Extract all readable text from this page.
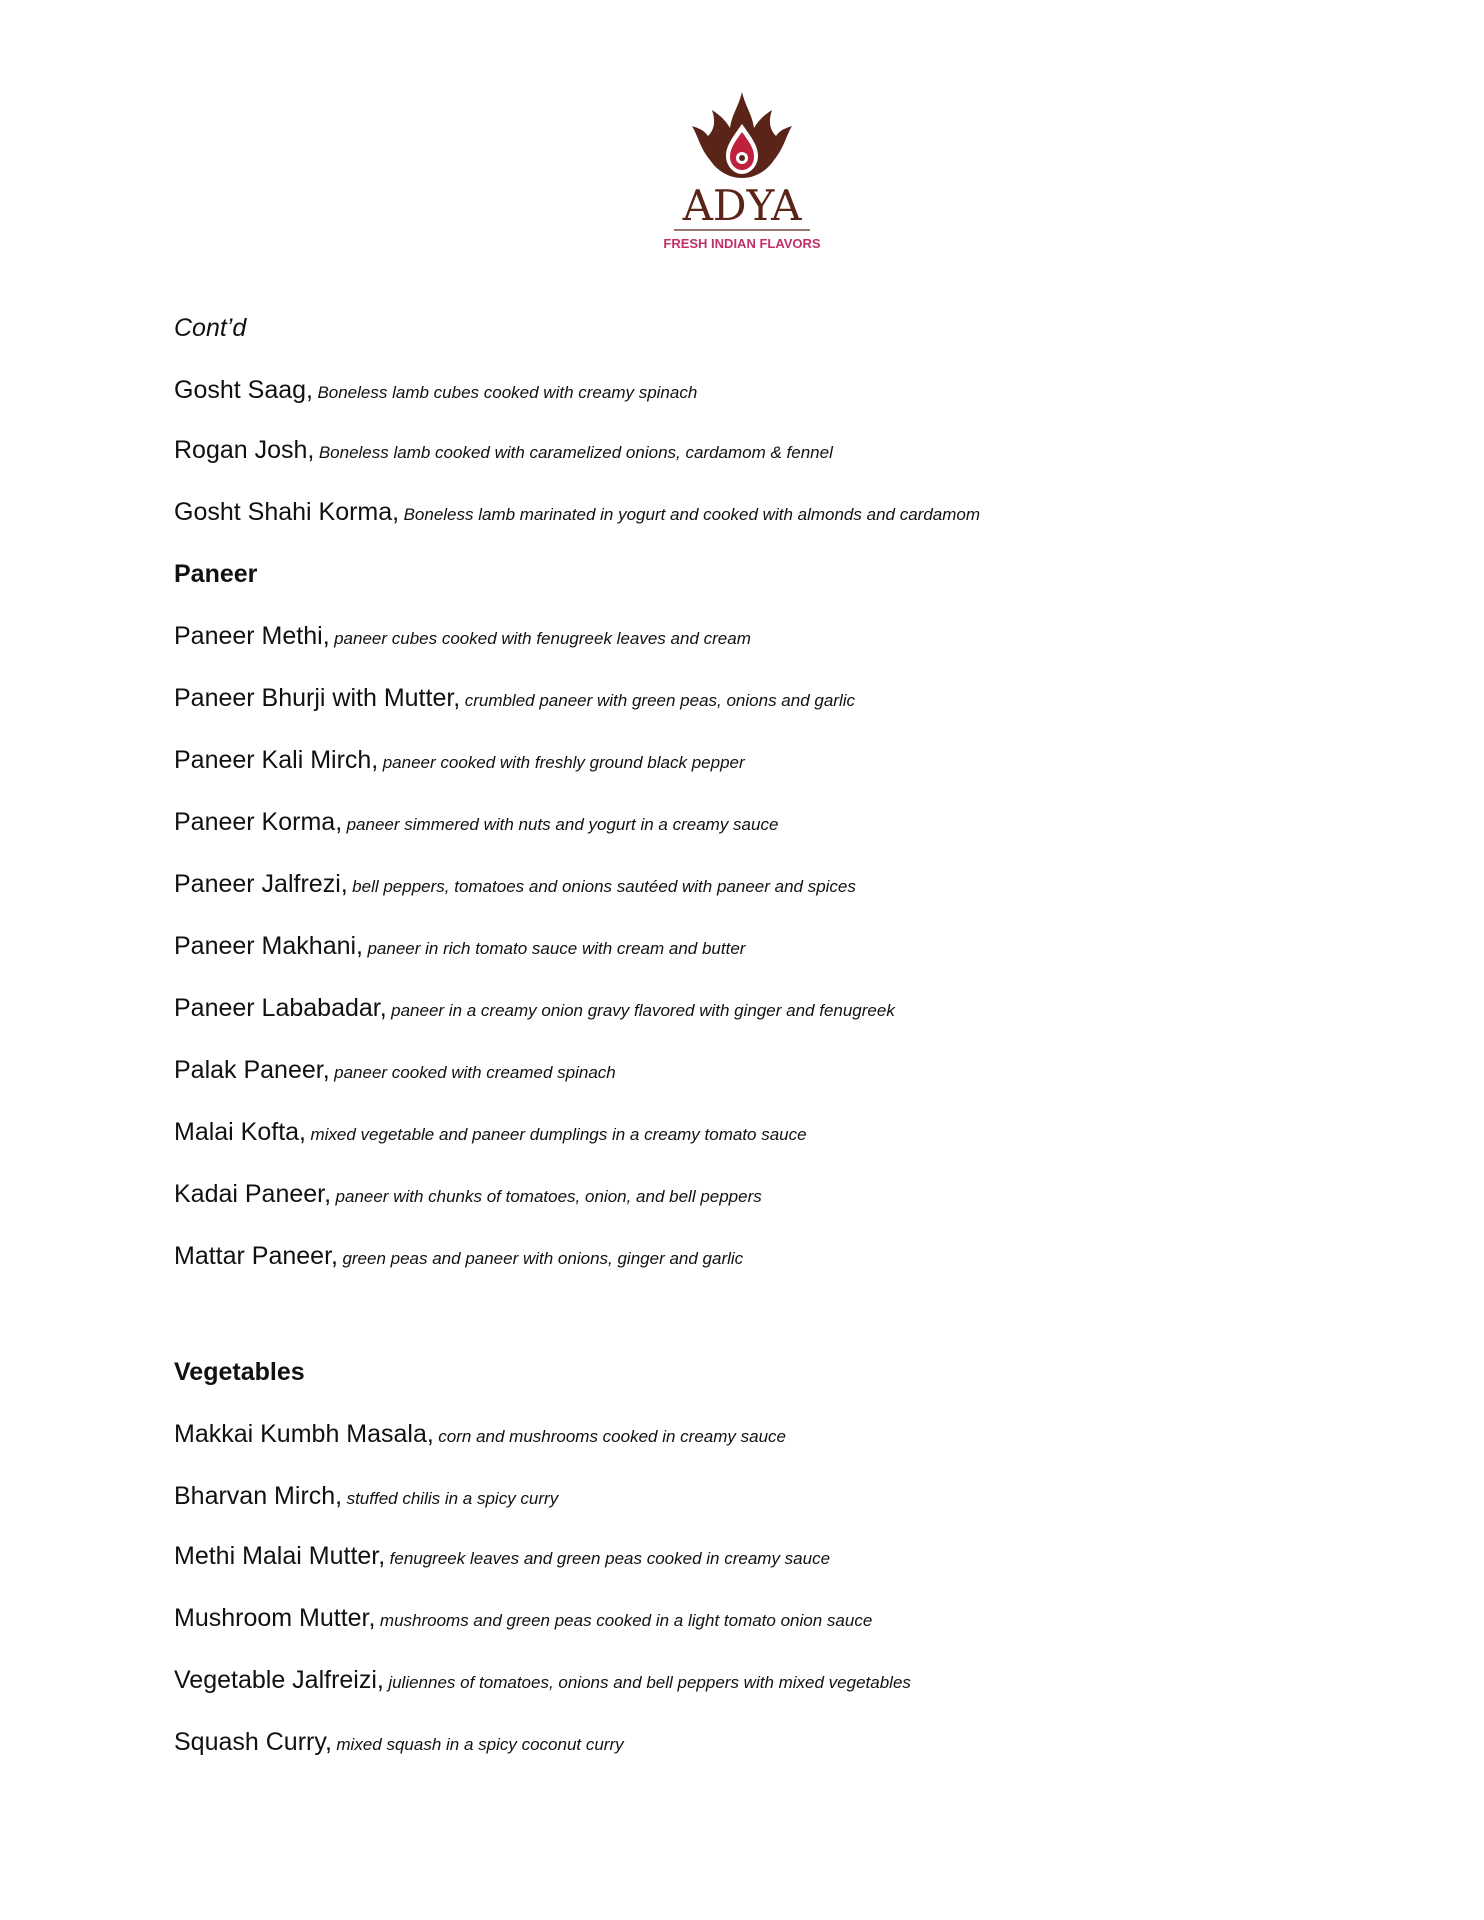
ADYA
FRESH INDIAN FLAVORS
Cont’d
Gosht Saag, Boneless lamb cubes cooked with creamy spinach
Rogan Josh, Boneless lamb cooked with caramelized onions, cardamom & fennel
Gosht Shahi Korma, Boneless lamb marinated in yogurt and cooked with almonds and cardamom
Paneer
Paneer Methi, paneer cubes cooked with fenugreek leaves and cream
Paneer Bhurji with Mutter, crumbled paneer with green peas, onions and garlic
Paneer Kali Mirch, paneer cooked with freshly ground black pepper
Paneer Korma, paneer simmered with nuts and yogurt in a creamy sauce
Paneer Jalfrezi, bell peppers, tomatoes and onions sautéed with paneer and spices
Paneer Makhani, paneer in rich tomato sauce with cream and butter
Paneer Lababadar, paneer in a creamy onion gravy flavored with ginger and fenugreek
Palak Paneer, paneer cooked with creamed spinach
Malai Kofta, mixed vegetable and paneer dumplings in a creamy tomato sauce
Kadai Paneer, paneer with chunks of tomatoes, onion, and bell peppers
Mattar Paneer, green peas and paneer with onions, ginger and garlic
Vegetables
Makkai Kumbh Masala, corn and mushrooms cooked in creamy sauce
Bharvan Mirch, stuffed chilis in a spicy curry
Methi Malai Mutter, fenugreek leaves and green peas cooked in creamy sauce
Mushroom Mutter, mushrooms and green peas cooked in a light tomato onion sauce
Vegetable Jalfreizi, juliennes of tomatoes, onions and bell peppers with mixed vegetables
Squash Curry, mixed squash in a spicy coconut curry
